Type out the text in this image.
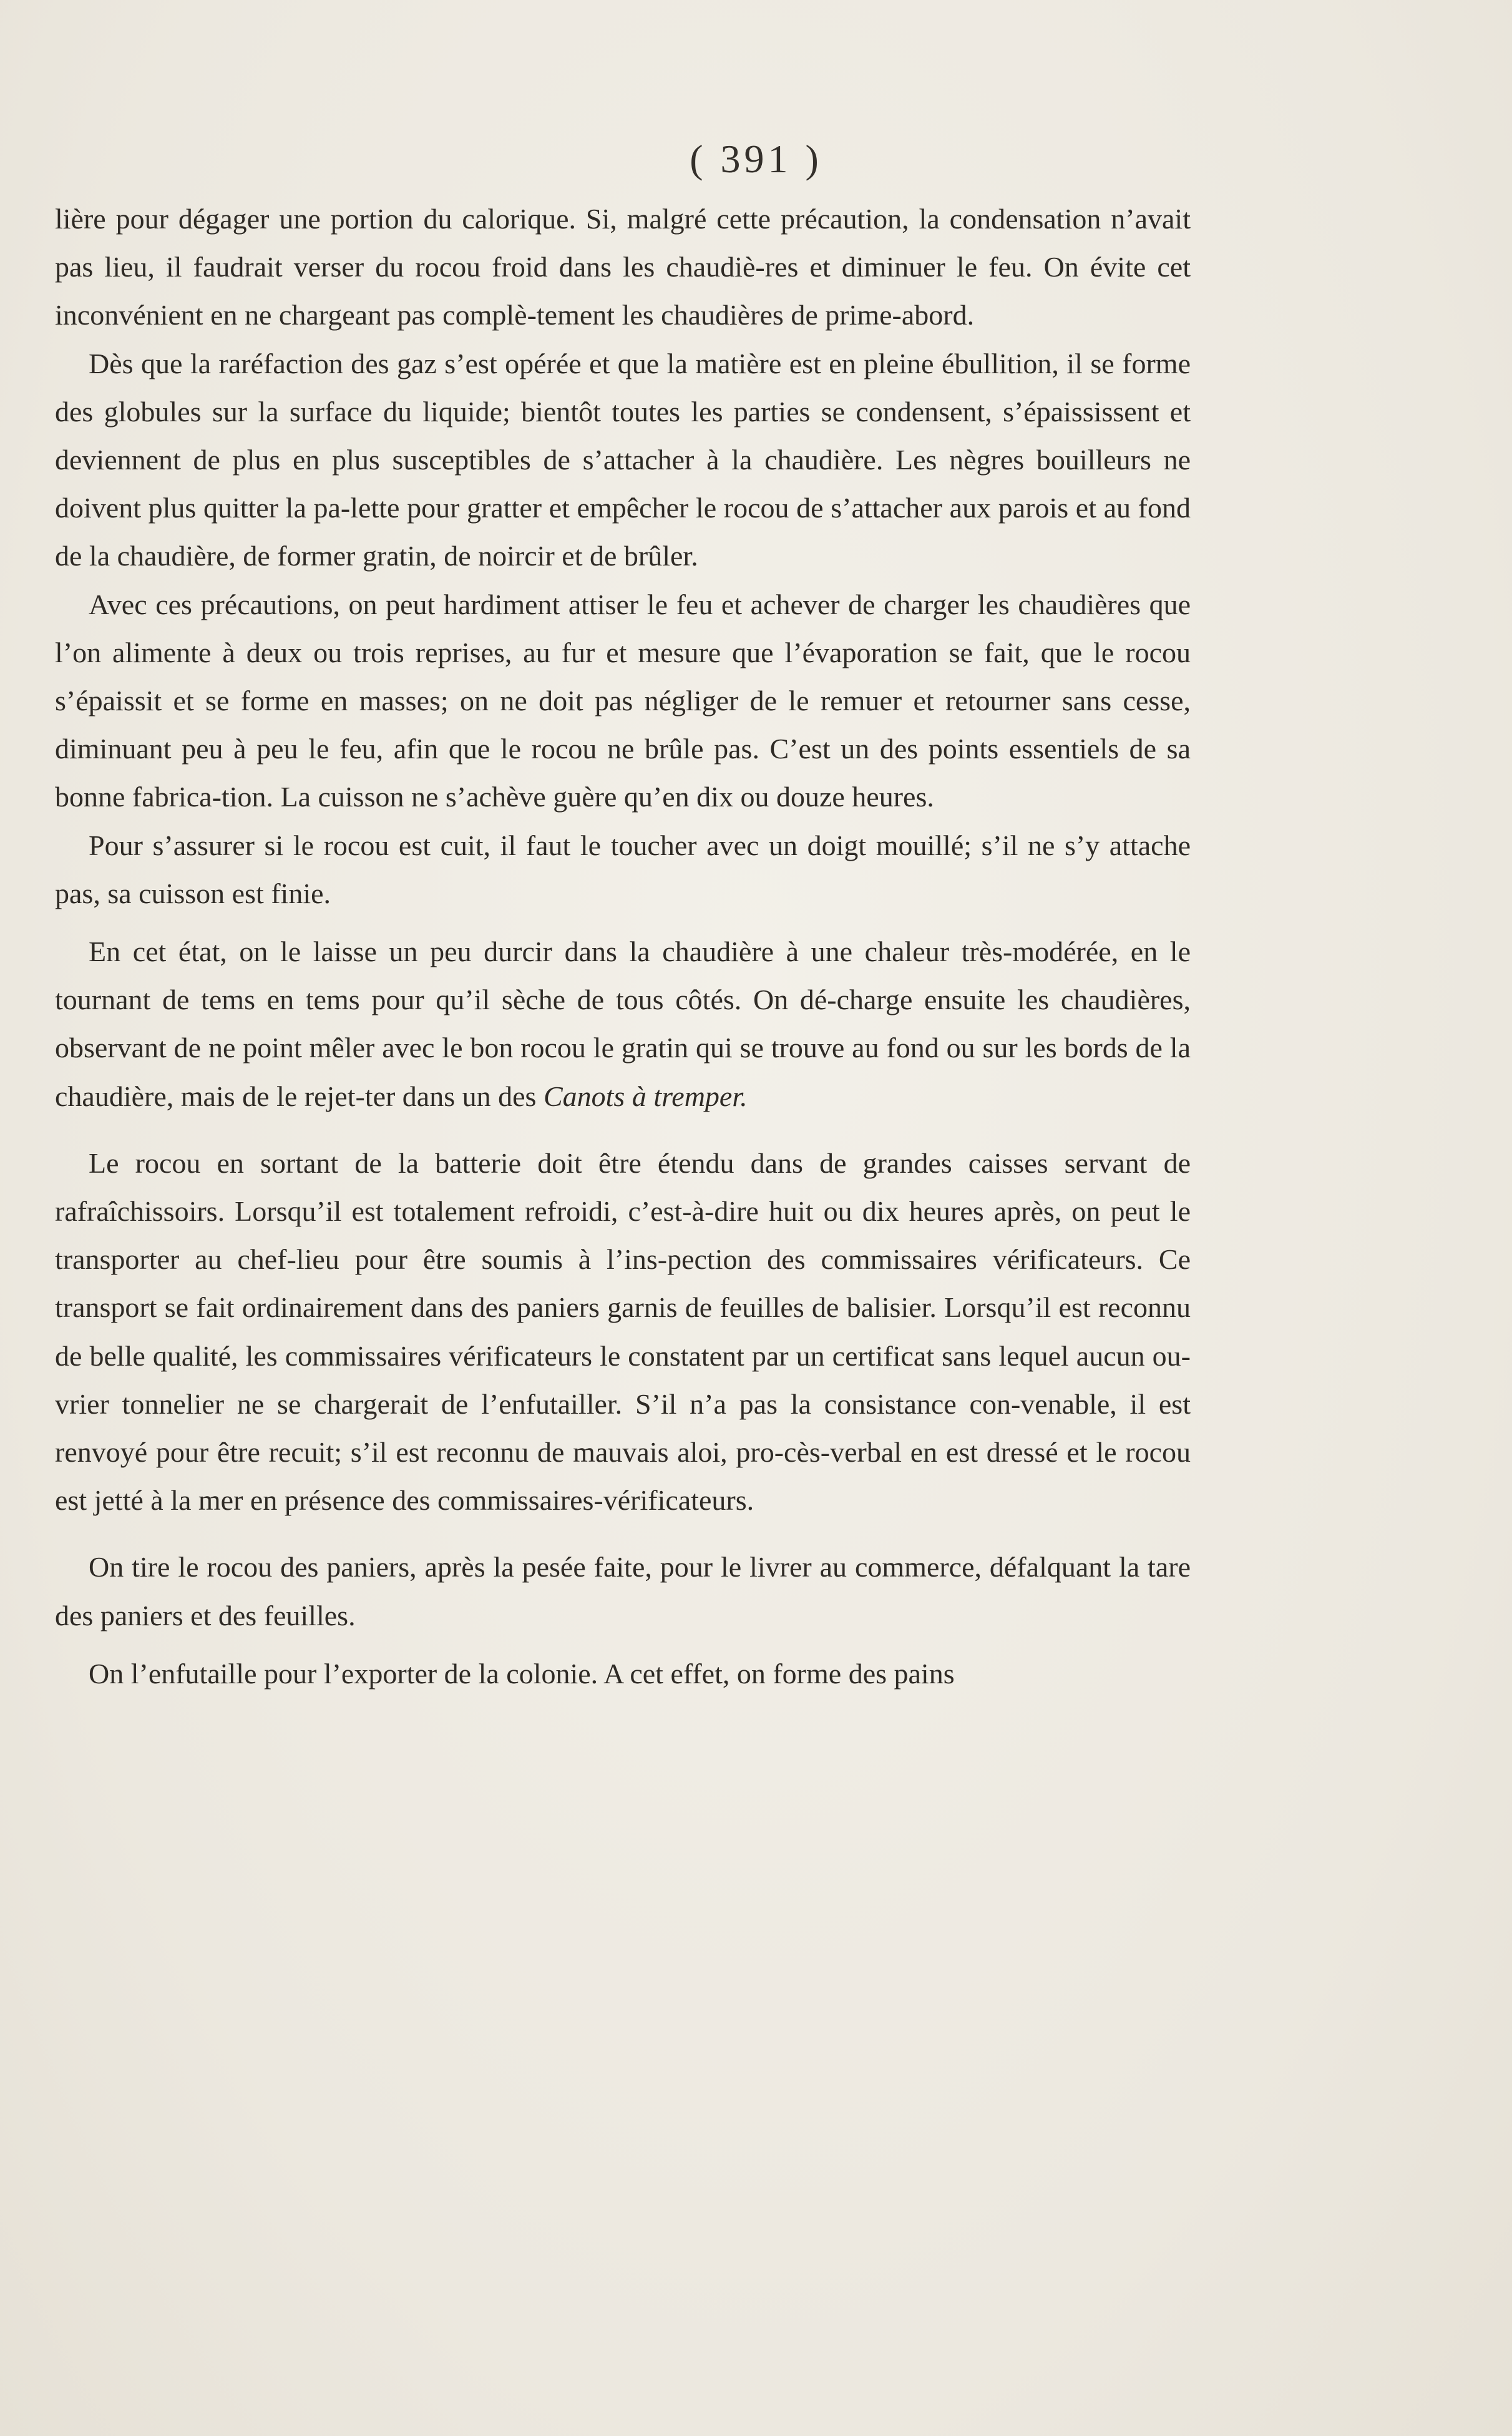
( 391 )

lière pour dégager une portion du calorique. Si, malgré cette précaution, la condensation n’avait pas lieu, il faudrait verser du rocou froid dans les chaudiè-res et diminuer le feu. On évite cet inconvénient en ne chargeant pas complè-tement les chaudières de prime-abord.

Dès que la raréfaction des gaz s’est opérée et que la matière est en pleine ébullition, il se forme des globules sur la surface du liquide; bientôt toutes les parties se condensent, s’épaississent et deviennent de plus en plus susceptibles de s’attacher à la chaudière. Les nègres bouilleurs ne doivent plus quitter la pa-lette pour gratter et empêcher le rocou de s’attacher aux parois et au fond de la chaudière, de former gratin, de noircir et de brûler.

Avec ces précautions, on peut hardiment attiser le feu et achever de charger les chaudières que l’on alimente à deux ou trois reprises, au fur et mesure que l’évaporation se fait, que le rocou s’épaissit et se forme en masses; on ne doit pas négliger de le remuer et retourner sans cesse, diminuant peu à peu le feu, afin que le rocou ne brûle pas. C’est un des points essentiels de sa bonne fabrica-tion. La cuisson ne s’achève guère qu’en dix ou douze heures.

Pour s’assurer si le rocou est cuit, il faut le toucher avec un doigt mouillé; s’il ne s’y attache pas, sa cuisson est finie.

En cet état, on le laisse un peu durcir dans la chaudière à une chaleur très-modérée, en le tournant de tems en tems pour qu’il sèche de tous côtés. On dé-charge ensuite les chaudières, observant de ne point mêler avec le bon rocou le gratin qui se trouve au fond ou sur les bords de la chaudière, mais de le rejet-ter dans un des Canots à tremper.

Le rocou en sortant de la batterie doit être étendu dans de grandes caisses servant de rafraîchissoirs. Lorsqu’il est totalement refroidi, c’est-à-dire huit ou dix heures après, on peut le transporter au chef-lieu pour être soumis à l’ins-pection des commissaires vérificateurs. Ce transport se fait ordinairement dans des paniers garnis de feuilles de balisier. Lorsqu’il est reconnu de belle qualité, les commissaires vérificateurs le constatent par un certificat sans lequel aucun ou-vrier tonnelier ne se chargerait de l’enfutailler. S’il n’a pas la consistance con-venable, il est renvoyé pour être recuit; s’il est reconnu de mauvais aloi, pro-cès-verbal en est dressé et le rocou est jetté à la mer en présence des commissaires-vérificateurs.

On tire le rocou des paniers, après la pesée faite, pour le livrer au commerce, défalquant la tare des paniers et des feuilles.

On l’enfutaille pour l’exporter de la colonie. A cet effet, on forme des pains
